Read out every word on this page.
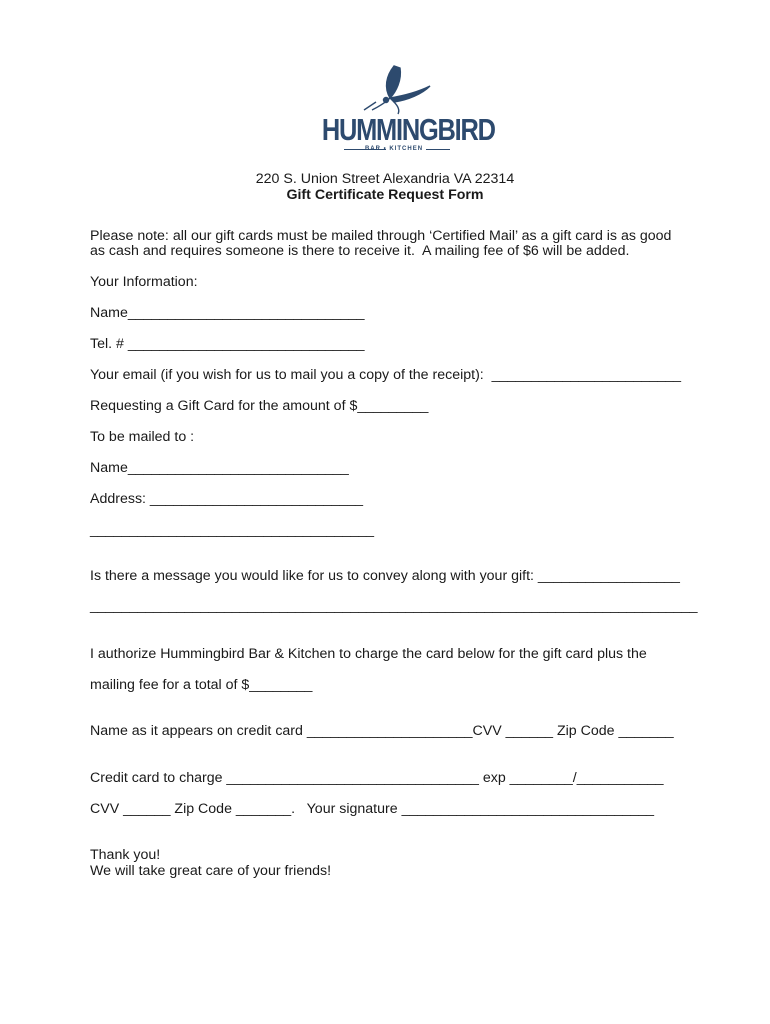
HUMMINGBIRD
BAR • KITCHEN
220 S. Union Street Alexandria VA 22314
Gift Certificate Request Form
Please note: all our gift cards must be mailed through ‘Certified Mail’ as a gift card is as good
as cash and requires someone is there to receive it.  A mailing fee of $6 will be added.
Your Information:
Name______________________________
Tel. # ______________________________
Your email (if you wish for us to mail you a copy of the receipt):  ________________________
Requesting a Gift Card for the amount of $_________
To be mailed to :
Name____________________________
Address: ___________________________
____________________________________
Is there a message you would like for us to convey along with your gift: __________________
_____________________________________________________________________________
I authorize Hummingbird Bar & Kitchen to charge the card below for the gift card plus the
mailing fee for a total of $________
Name as it appears on credit card _____________________CVV ______ Zip Code _______
Credit card to charge ________________________________ exp ________/___________
CVV ______ Zip Code _______.   Your signature ________________________________
Thank you!
We will take great care of your friends!
